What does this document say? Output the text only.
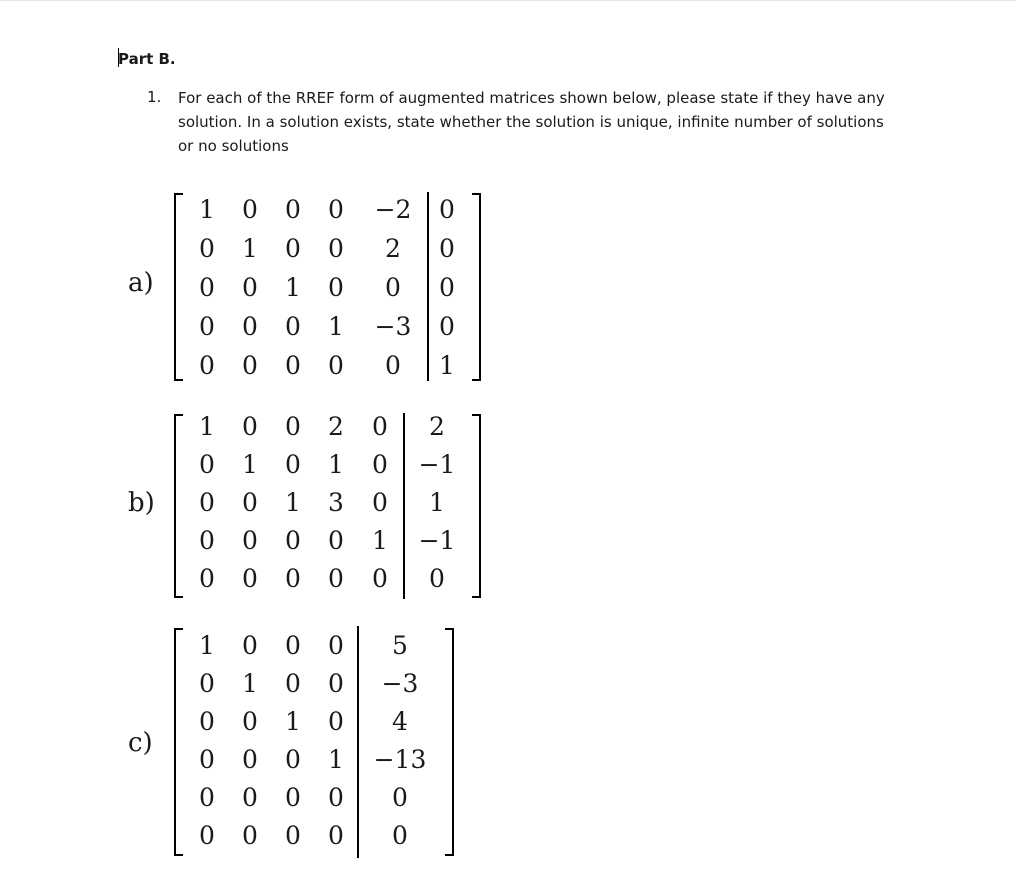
Part B.
1. For each of the RREF form of augmented matrices shown below, please state if they have any
solution. In a solution exists, state whether the solution is unique, infinite number of solutions
or no solutions
a)
1	0	0	0	−2	0
0	1	0	0	2	0
0	0	1	0	0	0
0	0	0	1	−3	0
0	0	0	0	0	1
b)
1	0	0	2	0	2
0	1	0	1	0	−1
0	0	1	3	0	1
0	0	0	0	1	−1
0	0	0	0	0	0
c)
1	0	0	0	5
0	1	0	0	−3
0	0	1	0	4
0	0	0	1	−13
0	0	0	0	0
0	0	0	0	0
